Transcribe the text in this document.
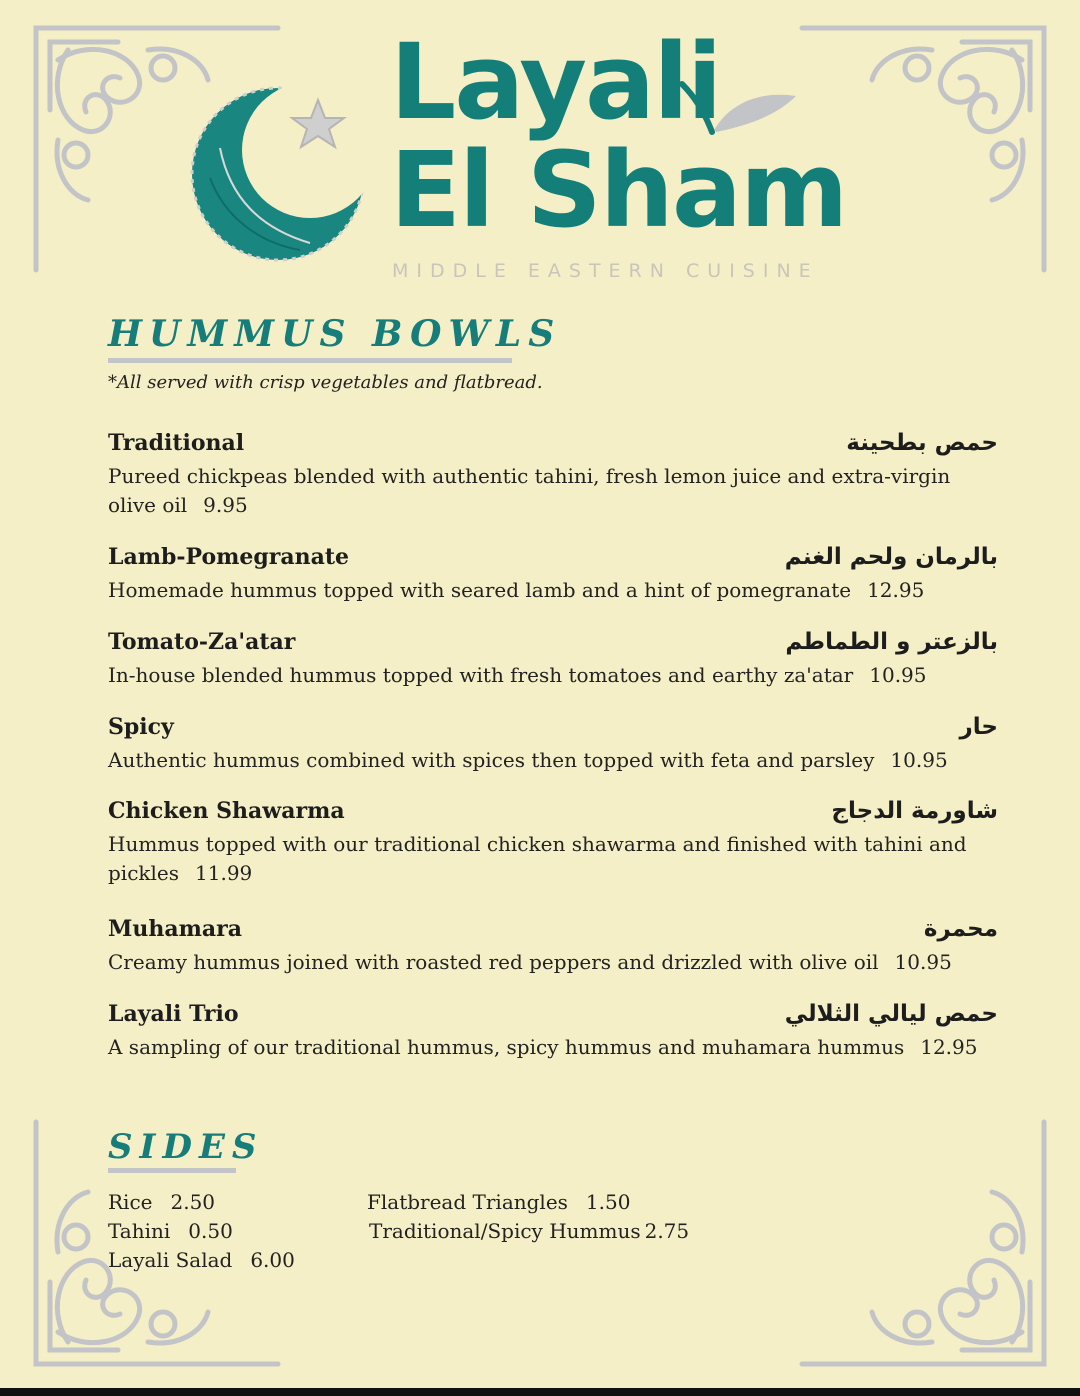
Layali
El Sham
MIDDLE EASTERN CUISINE
HUMMUS BOWLS
*All served with crisp vegetables and flatbread.
Traditional	حمص بطحينة
Pureed chickpeas blended with authentic tahini, fresh lemon juice and extra-virgin olive oil 9.95
Lamb-Pomegranate	بالرمان ولحم الغنم
Homemade hummus topped with seared lamb and a hint of pomegranate 12.95
Tomato-Za'atar	بالزعتر و الطماطم
In-house blended hummus topped with fresh tomatoes and earthy za'atar 10.95
Spicy	حار
Authentic hummus combined with spices then topped with feta and parsley 10.95
Chicken Shawarma	شاورمة الدجاج
Hummus topped with our traditional chicken shawarma and finished with tahini and pickles 11.99
Muhamara	محمرة
Creamy hummus joined with roasted red peppers and drizzled with olive oil 10.95
Layali Trio	حمص ليالي الثلالي
A sampling of our traditional hummus, spicy hummus and muhamara hummus 12.95
SIDES
Rice 2.50
Tahini 0.50
Layali Salad 6.00
Flatbread Triangles 1.50
Traditional/Spicy Hummus 2.75
